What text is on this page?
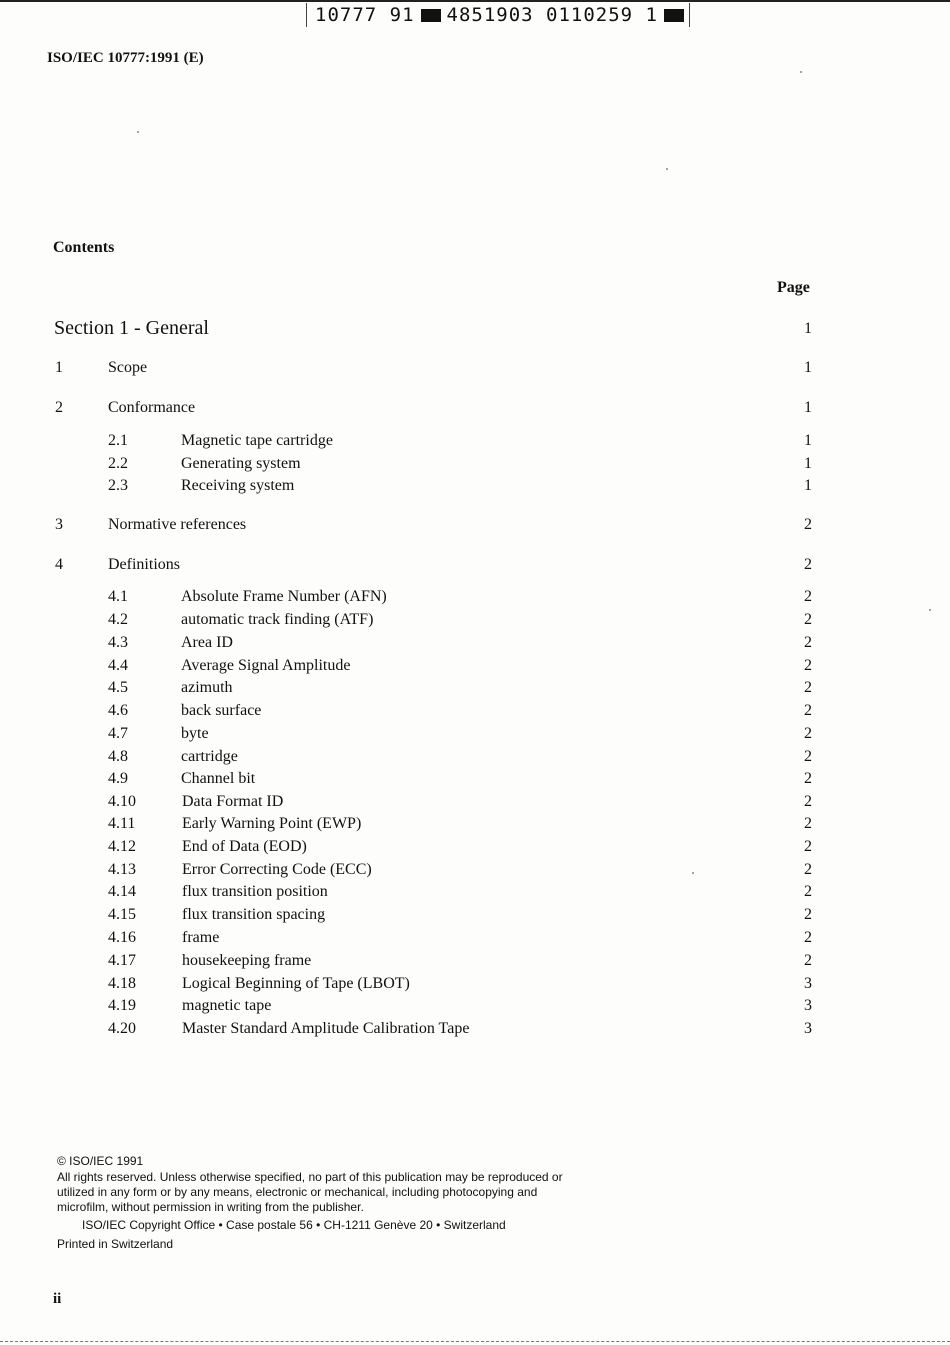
10777 91 4851903 0110259 1
ISO/IEC 10777:1991 (E)
Contents
Page
Section 1 - General	1
1	Scope	1
2	Conformance	1
2.1	Magnetic tape cartridge	1
2.2	Generating system	1
2.3	Receiving system	1
3	Normative references	2
4	Definitions	2
4.1	Absolute Frame Number (AFN)	2
4.2	automatic track finding (ATF)	2
4.3	Area ID	2
4.4	Average Signal Amplitude	2
4.5	azimuth	2
4.6	back surface	2
4.7	byte	2
4.8	cartridge	2
4.9	Channel bit	2
4.10	Data Format ID	2
4.11	Early Warning Point (EWP)	2
4.12	End of Data (EOD)	2
4.13	Error Correcting Code (ECC)	2
4.14	flux transition position	2
4.15	flux transition spacing	2
4.16	frame	2
4.17	housekeeping frame	2
4.18	Logical Beginning of Tape (LBOT)	3
4.19	magnetic tape	3
4.20	Master Standard Amplitude Calibration Tape	3
© ISO/IEC 1991
All rights reserved. Unless otherwise specified, no part of this publication may be reproduced or
utilized in any form or by any means, electronic or mechanical, including photocopying and
microfilm, without permission in writing from the publisher.
ISO/IEC Copyright Office • Case postale 56 • CH-1211 Genève 20 • Switzerland
Printed in Switzerland
ii
